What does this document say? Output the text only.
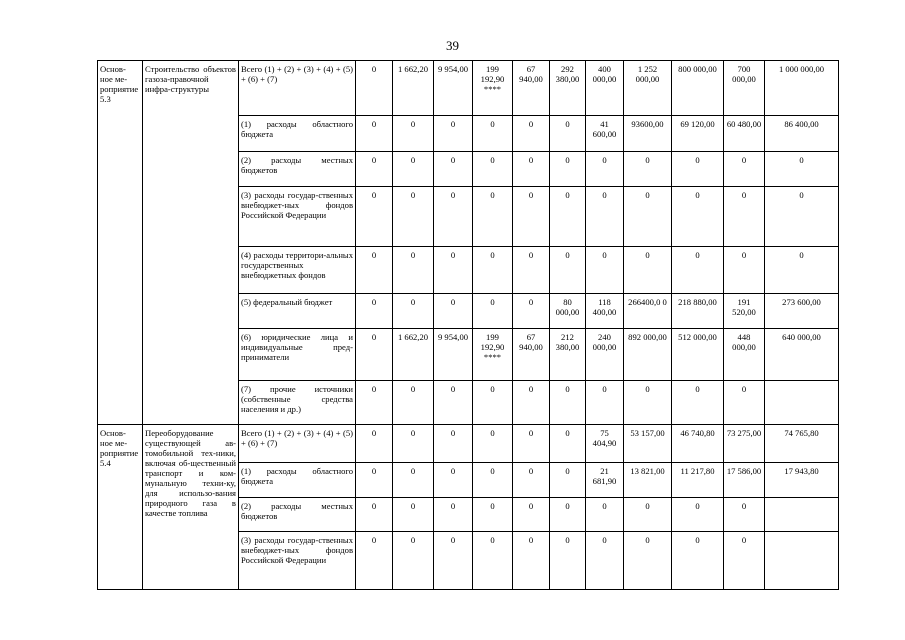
39
Основ-
ное ме-
роприятие 5.3	Строительство объектов газоза-правочной инфра-структуры	Всего (1) + (2) + (3) + (4) + (5) + (6) + (7)	0	1 662,20	9 954,00	199 192,90 ****	67 940,00	292 380,00	400 000,00	1 252 000,00	800 000,00	700 000,00	1 000 000,00
		(1) расходы областного бюджета	0	0	0	0	0	0	41 600,00	93600,00	69 120,00	60 480,00	86 400,00
		(2) расходы местных бюджетов	0	0	0	0	0	0	0	0	0	0	0
		(3) расходы государ-ственных внебюджет-ных фондов Российской Федерации	0	0	0	0	0	0	0	0	0	0	0
		(4) расходы территори-альных государственных внебюджетных фондов	0	0	0	0	0	0	0	0	0	0	0
		(5) федеральный бюджет	0	0	0	0	0	80 000,00	118 400,00	266400,0 0	218 880,00	191 520,00	273 600,00
		(6) юридические лица и индивидуальные пред-приниматели	0	1 662,20	9 954,00	199 192,90 ****	67 940,00	212 380,00	240 000,00	892 000,00	512 000,00	448 000,00	640 000,00
		(7) прочие источники (собственные средства населения и др.)	0	0	0	0	0	0	0	0	0	0	

Основ-
ное ме-
роприятие 5.4	Переоборудование существующей ав-томобильной тех-ники, включая об-щественный транспорт и ком-мунальную техни-ку, для использо-вания природного газа в качестве топлива	Всего (1) + (2) + (3) + (4) + (5) + (6) + (7)	0	0	0	0	0	0	75 404,90	53 157,00	46 740,80	73 275,00	74 765,80
		(1) расходы областного бюджета	0	0	0	0	0	0	21 681,90	13 821,00	11 217,80	17 586,00	17 943,80
		(2) расходы местных бюджетов	0	0	0	0	0	0	0	0	0	0	
		(3) расходы государ-ственных внебюджет-ных фондов Российской Федерации	0	0	0	0	0	0	0	0	0	0	
